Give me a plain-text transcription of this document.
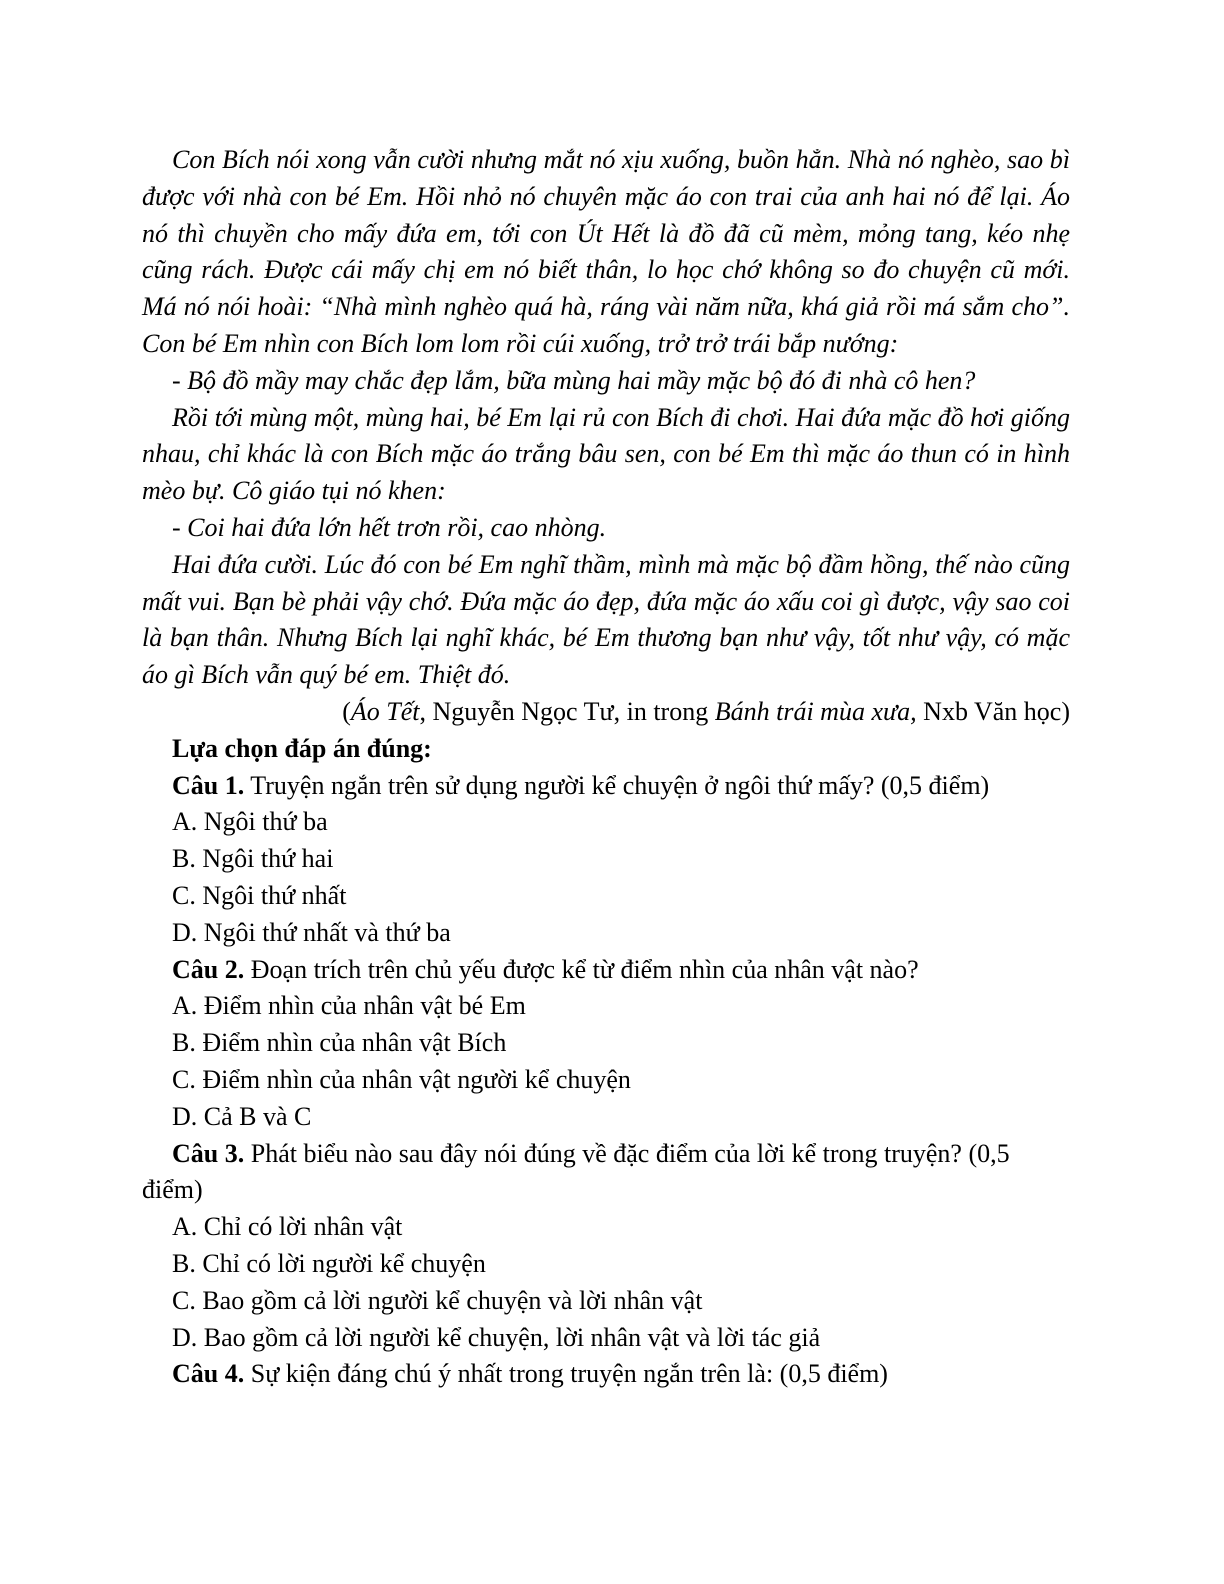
Con Bích nói xong vẫn cười nhưng mắt nó xịu xuống, buồn hẳn. Nhà nó nghèo, sao bì được với nhà con bé Em. Hồi nhỏ nó chuyên mặc áo con trai của anh hai nó để lại. Áo nó thì chuyền cho mấy đứa em, tới con Út Hết là đồ đã cũ mèm, mỏng tang, kéo nhẹ cũng rách. Được cái mấy chị em nó biết thân, lo học chớ không so đo chuyện cũ mới. Má nó nói hoài: “Nhà mình nghèo quá hà, ráng vài năm nữa, khá giả rồi má sắm cho”. Con bé Em nhìn con Bích lom lom rồi cúi xuống, trở trở trái bắp nướng:

- Bộ đồ mầy may chắc đẹp lắm, bữa mùng hai mầy mặc bộ đó đi nhà cô hen?

Rồi tới mùng một, mùng hai, bé Em lại rủ con Bích đi chơi. Hai đứa mặc đồ hơi giống nhau, chỉ khác là con Bích mặc áo trắng bâu sen, con bé Em thì mặc áo thun có in hình mèo bự. Cô giáo tụi nó khen:

- Coi hai đứa lớn hết trơn rồi, cao nhòng.

Hai đứa cười. Lúc đó con bé Em nghĩ thầm, mình mà mặc bộ đầm hồng, thế nào cũng mất vui. Bạn bè phải vậy chớ. Đứa mặc áo đẹp, đứa mặc áo xấu coi gì được, vậy sao coi là bạn thân. Nhưng Bích lại nghĩ khác, bé Em thương bạn như vậy, tốt như vậy, có mặc áo gì Bích vẫn quý bé em. Thiệt đó.

(Áo Tết, Nguyễn Ngọc Tư, in trong Bánh trái mùa xưa, Nxb Văn học)

Lựa chọn đáp án đúng:

Câu 1. Truyện ngắn trên sử dụng người kể chuyện ở ngôi thứ mấy? (0,5 điểm)

A. Ngôi thứ ba

B. Ngôi thứ hai

C. Ngôi thứ nhất

D. Ngôi thứ nhất và thứ ba

Câu 2. Đoạn trích trên chủ yếu được kể từ điểm nhìn của nhân vật nào?

A. Điểm nhìn của nhân vật bé Em

B. Điểm nhìn của nhân vật Bích

C. Điểm nhìn của nhân vật người kể chuyện

D. Cả B và C

Câu 3. Phát biểu nào sau đây nói đúng về đặc điểm của lời kể trong truyện? (0,5 điểm)

A. Chỉ có lời nhân vật

B. Chỉ có lời người kể chuyện

C. Bao gồm cả lời người kể chuyện và lời nhân vật

D. Bao gồm cả lời người kể chuyện, lời nhân vật và lời tác giả

Câu 4. Sự kiện đáng chú ý nhất trong truyện ngắn trên là: (0,5 điểm)
